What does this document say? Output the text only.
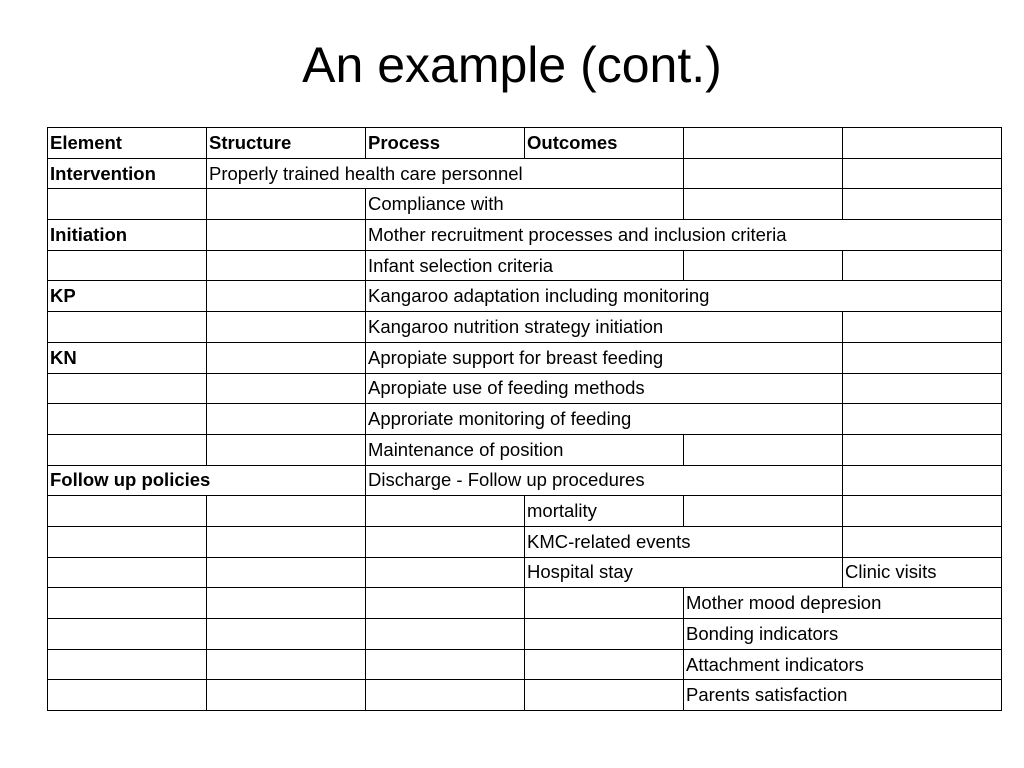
An example (cont.)
Element	Structure	Process	Outcomes		
Intervention	Properly trained health care personnel				
		Compliance with			
Initiation		Mother recruitment processes and inclusion criteria			
		Infant selection criteria			
KP		Kangaroo adaptation including monitoring			
		Kangaroo nutrition strategy initiation			
KN		Apropiate support for breast feeding			
		Apropiate use of feeding methods			
		Approriate monitoring of feeding			
		Maintenance of position			
Follow up policies		Discharge - Follow up procedures			
			mortality		
			KMC-related events		
			Hospital stay		Clinic visits
				Mother mood depresion	
				Bonding indicators	
				Attachment indicators	
				Parents satisfaction	
